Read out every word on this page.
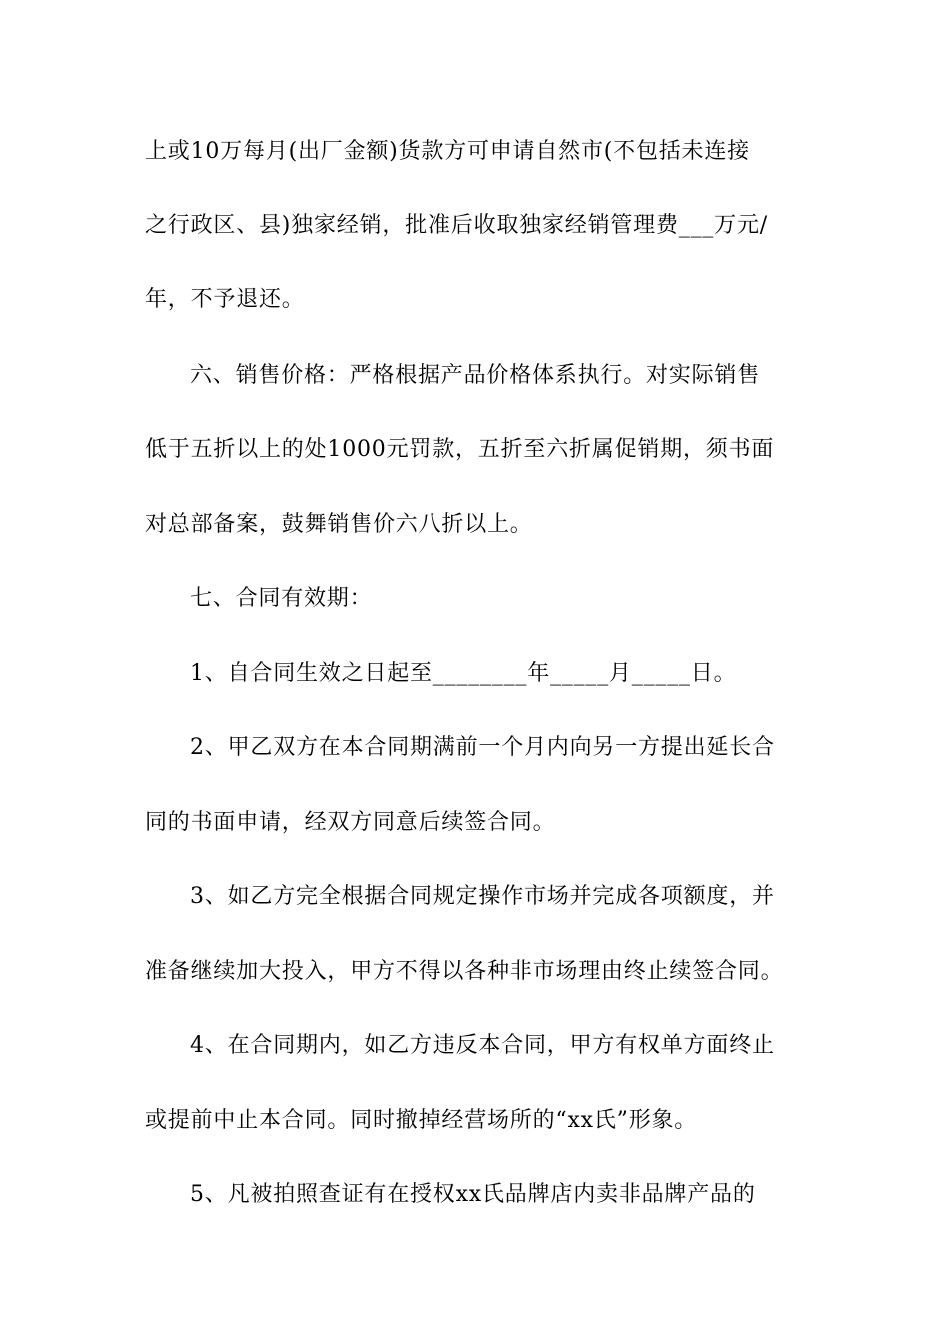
上或10万每月(出厂金额)货款方可申请自然市(不包括未连接
之行政区、县)独家经销，批准后收取独家经销管理费___万元/
年，不予退还。
六、销售价格：严格根据产品价格体系执行。对实际销售
低于五折以上的处1000元罚款，五折至六折属促销期，须书面
对总部备案，鼓舞销售价六八折以上。
七、合同有效期：
1、自合同生效之日起至________年_____月_____日。
2、甲乙双方在本合同期满前一个月内向另一方提出延长合
同的书面申请，经双方同意后续签合同。
3、如乙方完全根据合同规定操作市场并完成各项额度，并
准备继续加大投入，甲方不得以各种非市场理由终止续签合同。
4、在合同期内，如乙方违反本合同，甲方有权单方面终止
或提前中止本合同。同时撤掉经营场所的“xx氏”形象。
5、凡被拍照查证有在授权xx氏品牌店内卖非品牌产品的
